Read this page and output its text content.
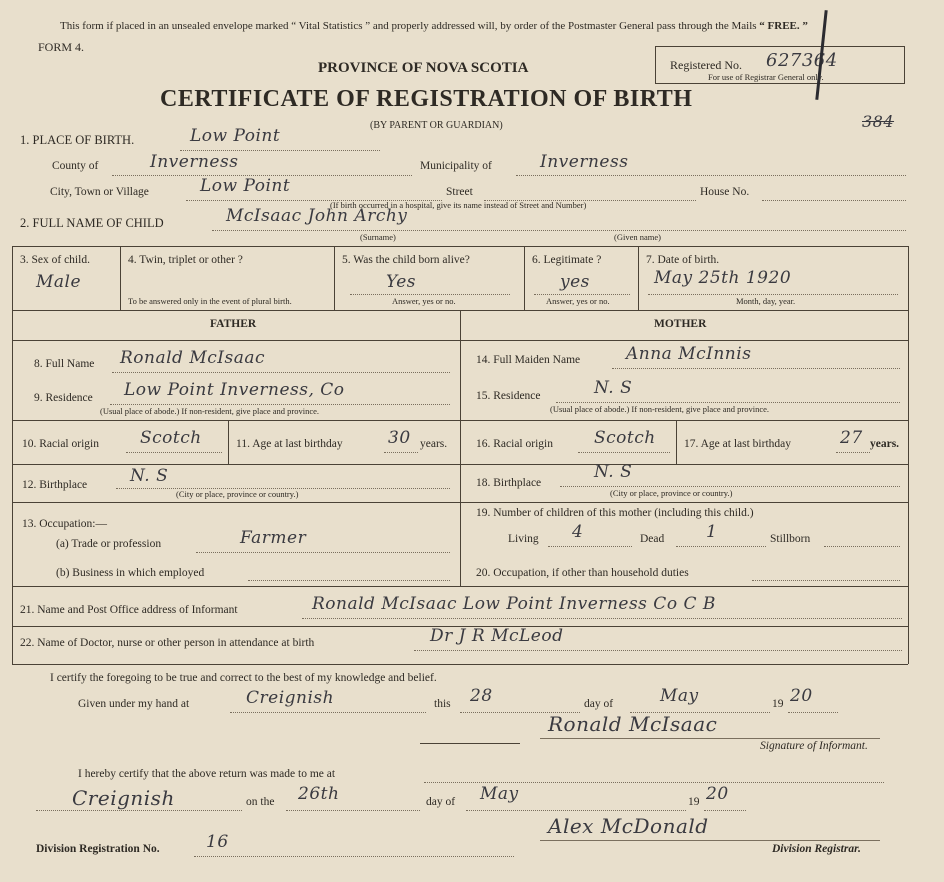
This form if placed in an unsealed envelope marked “ Vital Statistics ” and properly addressed will, by order of the Postmaster General pass through the Mails “ FREE. ”
FORM 4.
PROVINCE OF NOVA SCOTIA
CERTIFICATE OF REGISTRATION OF BIRTH
(BY PARENT OR GUARDIAN)
Registered No. 627364
For use of Registrar General only.
384
1. PLACE OF BIRTH.	Low Point
County of	Inverness	Municipality of	Inverness
City, Town or Village	Low Point	Street	House No.
(If birth occurred in a hospital, give its name instead of Street and Number)
2. FULL NAME OF CHILD	McIsaac John Archy
(Surname)	(Given name)
3. Sex of child.
Male
4. Twin, triplet or other ?
To be answered only in the event of plural birth.
5. Was the child born alive?
Yes
Answer, yes or no.
6. Legitimate ?
yes
Answer, yes or no.
7. Date of birth.
May 25th 1920
Month, day, year.
FATHER	MOTHER
8. Full Name Ronald McIsaac
9. Residence Low Point Inverness, Co
(Usual place of abode.) If non-resident, give place and province.
10. Racial origin Scotch	11. Age at last birthday	30 years.
12. Birthplace	N. S
(City or place, province or country.)
13. Occupation:—
(a) Trade or profession	Farmer
(b) Business in which employed
14. Full Maiden Name	Anna McInnis
15. Residence	N. S
(Usual place of abode.) If non-resident, give place and province.
16. Racial origin Scotch 17. Age at last birthday	27 years.
18. Birthplace
N. S
(City or place, province or country.)
19. Number of children of this mother (including this child.)
Living 4	Dead 1	Stillborn
20. Occupation, if other than household duties
21. Name and Post Office address of Informant	Ronald McIsaac Low Point Inverness Co C B
22. Name of Doctor, nurse or other person in attendance at birth	Dr J R McLeod
I certify the foregoing to be true and correct to the best of my knowledge and belief.
Given under my hand at	Creignish	this 28	day of	May	19 20
Ronald McIsaac
Signature of Informant.
I hereby certify that the above return was made to me at
Creignish	on the 26th	day of May	19 20
Division Registration No.	16
Alex McDonald
Division Registrar.
